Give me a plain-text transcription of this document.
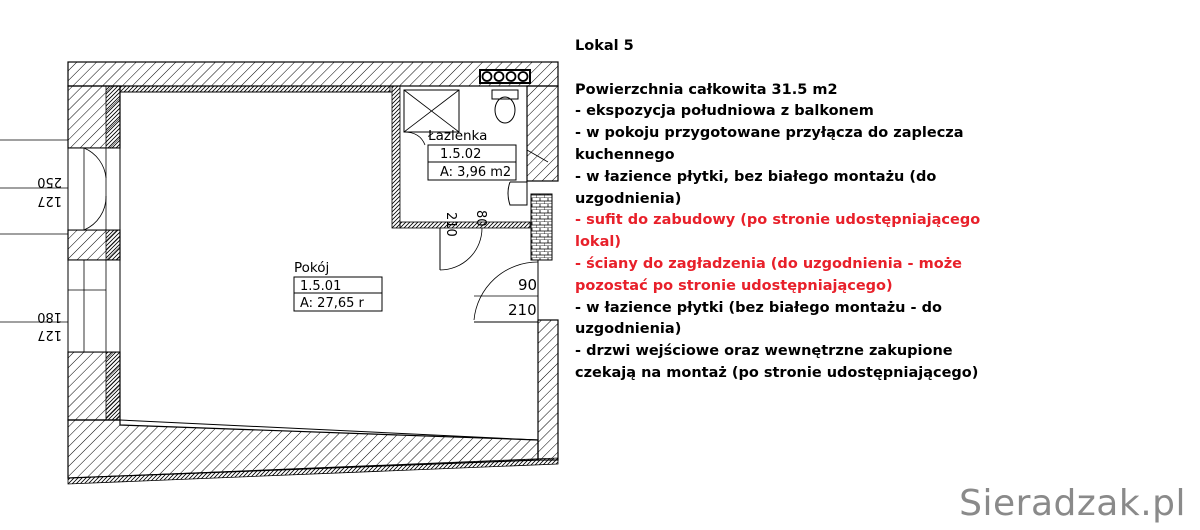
250
127
180
127
80
210
90
210
Pokój
1.5.01
A: 27,65 r
Łazienka
1.5.02
A: 3,96 m2
Lokal 5
Powierzchnia całkowita 31.5 m2
- ekspozycja południowa z balkonem
- w pokoju przygotowane przyłącza do zaplecza
kuchennego
- w łazience płytki, bez białego montażu (do
uzgodnienia)
- sufit do zabudowy (po stronie udostępniającego
lokal)
- ściany do zagładzenia (do uzgodnienia - może
pozostać po stronie udostępniającego)
- w łazience płytki (bez białego montażu - do
uzgodnienia)
- drzwi wejściowe oraz wewnętrzne zakupione
czekają na montaż (po stronie udostępniającego)
Sieradzak.pl
